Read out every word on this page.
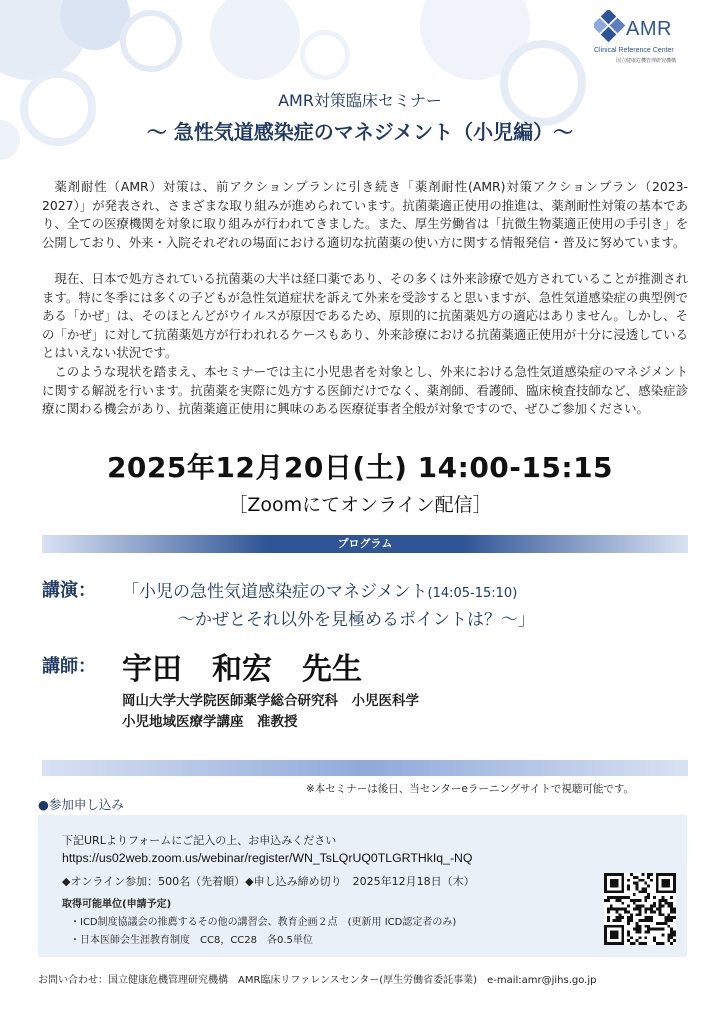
AMR
Clinical Reference Center
国立健康危機管理研究機構
AMR対策臨床セミナー
〜 急性気道感染症のマネジメント（小児編）〜
薬剤耐性（AMR）対策は、前アクションプランに引き続き「薬剤耐性(AMR)対策アクションプラン（2023-2027）」が発表され、さまざまな取り組みが進められています。抗菌薬適正使用の推進は、薬剤耐性対策の基本であり、全ての医療機関を対象に取り組みが行われてきました。また、厚生労働省は「抗微生物薬適正使用の手引き」を公開しており、外来・入院それぞれの場面における適切な抗菌薬の使い方に関する情報発信・普及に努めています。
現在、日本で処方されている抗菌薬の大半は経口薬であり、その多くは外来診療で処方されていることが推測されます。特に冬季には多くの子どもが急性気道症状を訴えて外来を受診すると思いますが、急性気道感染症の典型例である「かぜ」は、そのほとんどがウイルスが原因であるため、原則的に抗菌薬処方の適応はありません。しかし、その「かぜ」に対して抗菌薬処方が行われれるケースもあり、外来診療における抗菌薬適正使用が十分に浸透しているとはいえない状況です。
このような現状を踏まえ、本セミナーでは主に小児患者を対象とし、外来における急性気道感染症のマネジメントに関する解説を行います。抗菌薬を実際に処方する医師だけでなく、薬剤師、看護師、臨床検査技師など、感染症診療に関わる機会があり、抗菌薬適正使用に興味のある医療従事者全般が対象ですので、ぜひご参加ください。
2025年12月20日(土) 14:00-15:15
［Zoomにてオンライン配信］
プログラム
講演： 「小児の急性気道感染症のマネジメント(14:05-15:10)
〜かぜとそれ以外を見極めるポイントは？〜」
講師： 宇田　和宏　先生
岡山大学大学院医師薬学総合研究科　小児医科学
小児地域医療学講座　准教授
※本セミナーは後日、当センターeラーニングサイトで視聴可能です。
●参加申し込み
下記URLよりフォームにご記入の上、お申込みください
https://us02web.zoom.us/webinar/register/WN_TsLQrUQ0TLGRTHkIq_-NQ
◆オンライン参加：500名（先着順）◆申し込み締め切り　2025年12月18日（木）
取得可能単位(申請予定)
・ICD制度協議会の推薦するその他の講習会、教育企画２点　(更新用 ICD認定者のみ)
・日本医師会生涯教育制度　CC8，CC28　各0.5単位
お問い合わせ：国立健康危機管理研究機構　AMR臨床リファレンスセンター(厚生労働省委託事業)　e-mail:amr@jihs.go.jp
